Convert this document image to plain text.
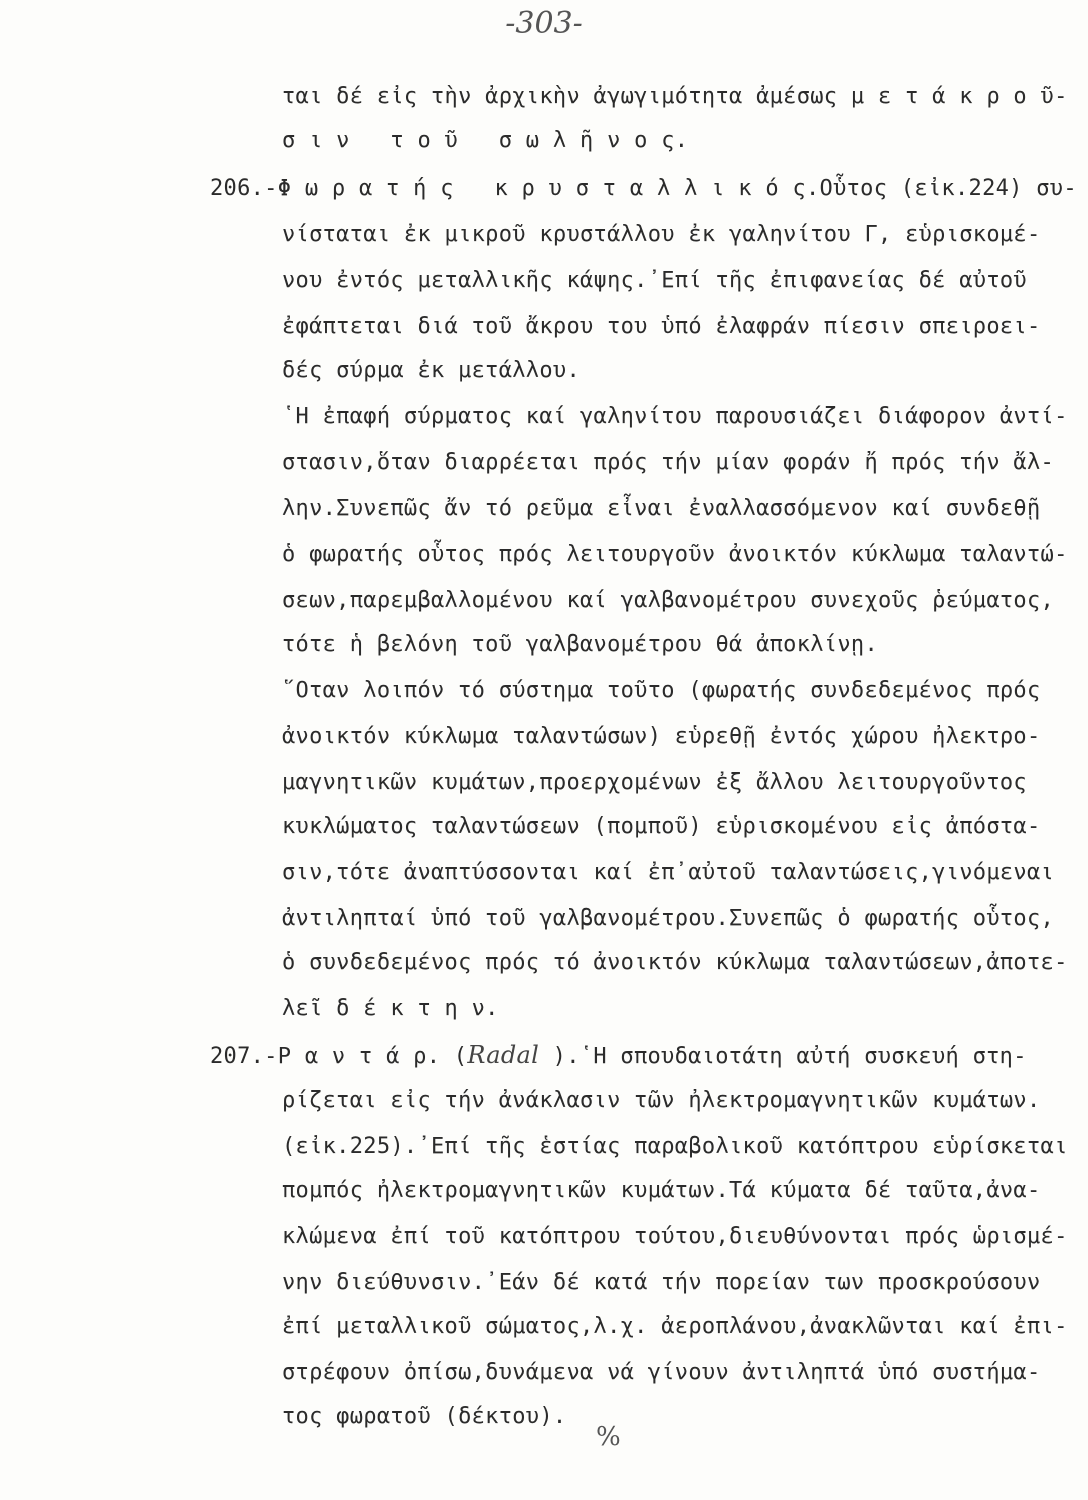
-303-
ται δέ εἰς τὴν ἀρχικὴν ἀγωγιμότητα ἀμέσως μ ε τ ά κ ρ ο ῦ-
σ ι ν   τ ο ῦ   σ ω λ ῆ ν ο ς.
206.-Φ ω ρ α τ ή ς   κ ρ υ σ τ α λ λ ι κ ό ς.Οὗτος (εἰκ.224) συ-
νίσταται ἐκ μικροῦ κρυστάλλου ἐκ γαληνίτου Γ, εὑρισκομέ-
νου ἐντός μεταλλικῆς κάψης.᾽Επί τῆς ἐπιφανείας δέ αὐτοῦ
ἐφάπτεται διά τοῦ ἄκρου του ὑπό ἐλαφράν πίεσιν σπειροει-
δές σύρμα ἐκ μετάλλου.
῾Η ἐπαφή σύρματος καί γαληνίτου παρουσιάζει διάφορον ἀντί-
στασιν,ὅταν διαρρέεται πρός τήν μίαν φοράν ἤ πρός τήν ἄλ-
λην.Συνεπῶς ἄν τό ρεῦμα εἶναι ἐναλλασσόμενον καί συνδεθῇ
ὁ φωρατής οὗτος πρός λειτουργοῦν ἀνοικτόν κύκλωμα ταλαντώ-
σεων,παρεμβαλλομένου καί γαλβανομέτρου συνεχοῦς ῥεύματος,
τότε ἡ βελόνη τοῦ γαλβανομέτρου θά ἀποκλίνῃ.
῞Οταν λοιπόν τό σύστημα τοῦτο (φωρατής συνδεδεμένος πρός
ἀνοικτόν κύκλωμα ταλαντώσων) εὑρεθῇ ἐντός χώρου ἠλεκτρο-
μαγνητικῶν κυμάτων,προερχομένων ἐξ ἄλλου λειτουργοῦντος
κυκλώματος ταλαντώσεων (πομποῦ) εὑρισκομένου εἰς ἀπόστα-
σιν,τότε ἀναπτύσσονται καί ἐπ᾽αὐτοῦ ταλαντώσεις,γινόμεναι
ἀντιληπταί ὑπό τοῦ γαλβανομέτρου.Συνεπῶς ὁ φωρατής οὗτος,
ὁ συνδεδεμένος πρός τό ἀνοικτόν κύκλωμα ταλαντώσεων,ἀποτε-
λεῖ δ έ κ τ η ν.
207.-Ρ α ν τ ά ρ. (Radal ).῾Η σπουδαιοτάτη αὐτή συσκευή στη-
ρίζεται εἰς τήν ἀνάκλασιν τῶν ἠλεκτρομαγνητικῶν κυμάτων.
(εἰκ.225).᾽Επί τῆς ἑστίας παραβολικοῦ κατόπτρου εὑρίσκεται
πομπός ἠλεκτρομαγνητικῶν κυμάτων.Τά κύματα δέ ταῦτα,ἀνα-
κλώμενα ἐπί τοῦ κατόπτρου τούτου,διευθύνονται πρός ὡρισμέ-
νην διεύθυνσιν.᾽Εάν δέ κατά τήν πορείαν των προσκρούσουν
ἐπί μεταλλικοῦ σώματος,λ.χ. ἀεροπλάνου,ἀνακλῶνται καί ἐπι-
στρέφουν ὀπίσω,δυνάμενα νά γίνουν ἀντιληπτά ὑπό συστήμα-
τος φωρατοῦ (δέκτου).
%
